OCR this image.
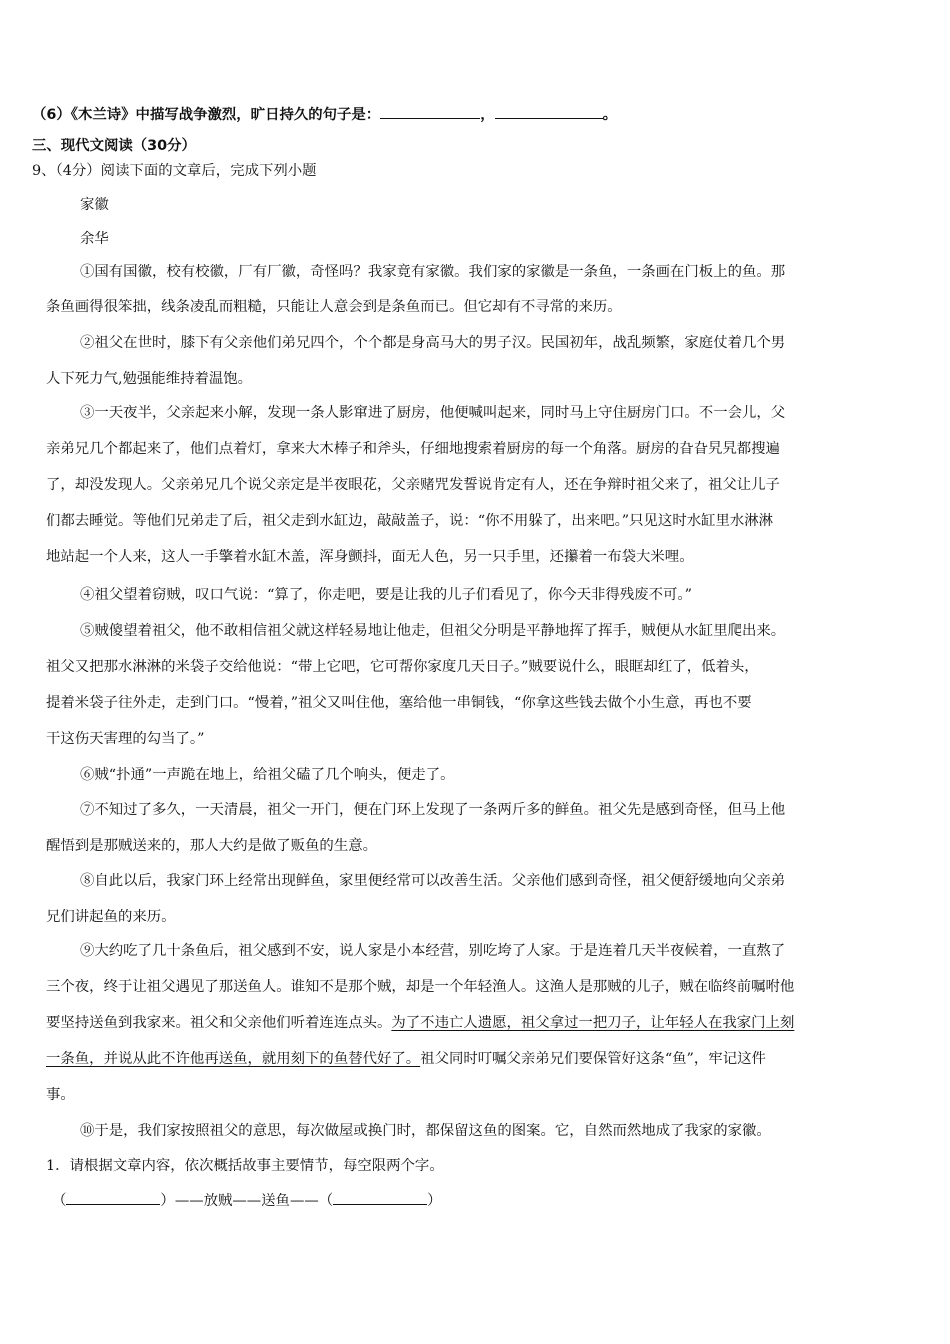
（6）《木兰诗》中描写战争激烈，旷日持久的句子是：	，	。
三、现代文阅读（30分）
9、（4分）阅读下面的文章后，完成下列小题
家徽
余华
①国有国徽，校有校徽，厂有厂徽，奇怪吗？我家竟有家徽。我们家的家徽是一条鱼，一条画在门板上的鱼。那
条鱼画得很笨拙，线条凌乱而粗糙，只能让人意会到是条鱼而已。但它却有不寻常的来历。
②祖父在世时，膝下有父亲他们弟兄四个，个个都是身高马大的男子汉。民国初年，战乱频繁，家庭仗着几个男
人下死力气,勉强能维持着温饱。
③一天夜半，父亲起来小解，发现一条人影窜进了厨房，他便喊叫起来，同时马上守住厨房门口。不一会儿，父
亲弟兄几个都起来了，他们点着灯，拿来大木棒子和斧头，仔细地搜索着厨房的每一个角落。厨房的旮旮旯旯都搜遍
了，却没发现人。父亲弟兄几个说父亲定是半夜眼花，父亲赌咒发誓说肯定有人，还在争辩时祖父来了，祖父让儿子
们都去睡觉。等他们兄弟走了后，祖父走到水缸边，敲敲盖子，说：“你不用躲了，出来吧。”只见这时水缸里水淋淋
地站起一个人来，这人一手擎着水缸木盖，浑身颤抖，面无人色，另一只手里，还攥着一布袋大米哩。
④祖父望着窃贼，叹口气说：“算了，你走吧，要是让我的儿子们看见了，你今天非得残废不可。”
⑤贼傻望着祖父，他不敢相信祖父就这样轻易地让他走，但祖父分明是平静地挥了挥手，贼便从水缸里爬出来。
祖父又把那水淋淋的米袋子交给他说：“带上它吧，它可帮你家度几天日子。”贼要说什么，眼眶却红了，低着头，
提着米袋子往外走，走到门口。“慢着，”祖父又叫住他，塞给他一串铜钱，“你拿这些钱去做个小生意，再也不要
干这伤天害理的勾当了。”
⑥贼“扑通”一声跪在地上，给祖父磕了几个响头，便走了。
⑦不知过了多久，一天清晨，祖父一开门，便在门环上发现了一条两斤多的鲜鱼。祖父先是感到奇怪，但马上他
醒悟到是那贼送来的，那人大约是做了贩鱼的生意。
⑧自此以后，我家门环上经常出现鲜鱼，家里便经常可以改善生活。父亲他们感到奇怪，祖父便舒缓地向父亲弟
兄们讲起鱼的来历。
⑨大约吃了几十条鱼后，祖父感到不安，说人家是小本经营，别吃垮了人家。于是连着几天半夜候着，一直熬了
三个夜，终于让祖父遇见了那送鱼人。谁知不是那个贼，却是一个年轻渔人。这渔人是那贼的儿子，贼在临终前嘱咐他
要坚持送鱼到我家来。祖父和父亲他们听着连连点头。为了不违亡人遗愿，祖父拿过一把刀子，让年轻人在我家门上刻
一条鱼，并说从此不许他再送鱼，就用刻下的鱼替代好了。祖父同时叮嘱父亲弟兄们要保管好这条“鱼”，牢记这件
事。
⑩于是，我们家按照祖父的意思，每次做屋或换门时，都保留这鱼的图案。它，自然而然地成了我家的家徽。
1．请根据文章内容，依次概括故事主要情节，每空限两个字。
（	）——放贼——送鱼——（	）
